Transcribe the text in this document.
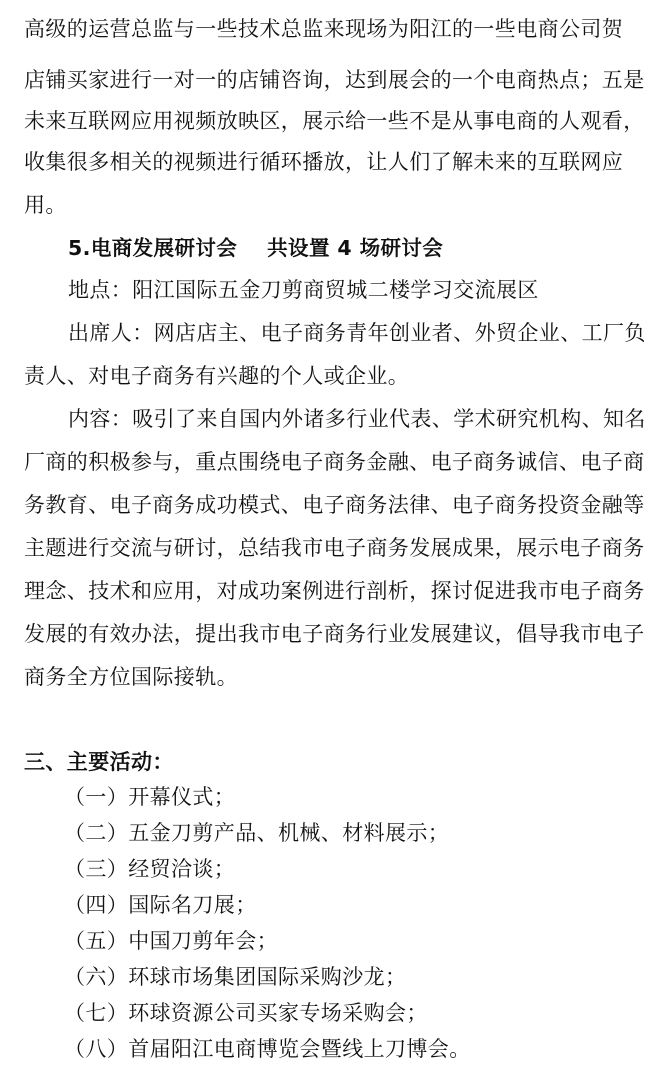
高级的运营总监与一些技术总监来现场为阳江的一些电商公司贺
店铺买家进行一对一的店铺咨询，达到展会的一个电商热点；五是
未来互联网应用视频放映区，展示给一些不是从事电商的人观看，
收集很多相关的视频进行循环播放，让人们了解未来的互联网应
用。
5.电商发展研讨会 共设置 4 场研讨会
地点：阳江国际五金刀剪商贸城二楼学习交流展区
出席人：网店店主、电子商务青年创业者、外贸企业、工厂负
责人、对电子商务有兴趣的个人或企业。
内容：吸引了来自国内外诸多行业代表、学术研究机构、知名
厂商的积极参与，重点围绕电子商务金融、电子商务诚信、电子商
务教育、电子商务成功模式、电子商务法律、电子商务投资金融等
主题进行交流与研讨，总结我市电子商务发展成果，展示电子商务
理念、技术和应用，对成功案例进行剖析，探讨促进我市电子商务
发展的有效办法，提出我市电子商务行业发展建议，倡导我市电子
商务全方位国际接轨。
三、主要活动：
（一）开幕仪式；
（二）五金刀剪产品、机械、材料展示；
（三）经贸洽谈；
（四）国际名刀展；
（五）中国刀剪年会；
（六）环球市场集团国际采购沙龙；
（七）环球资源公司买家专场采购会；
（八）首届阳江电商博览会暨线上刀博会。
